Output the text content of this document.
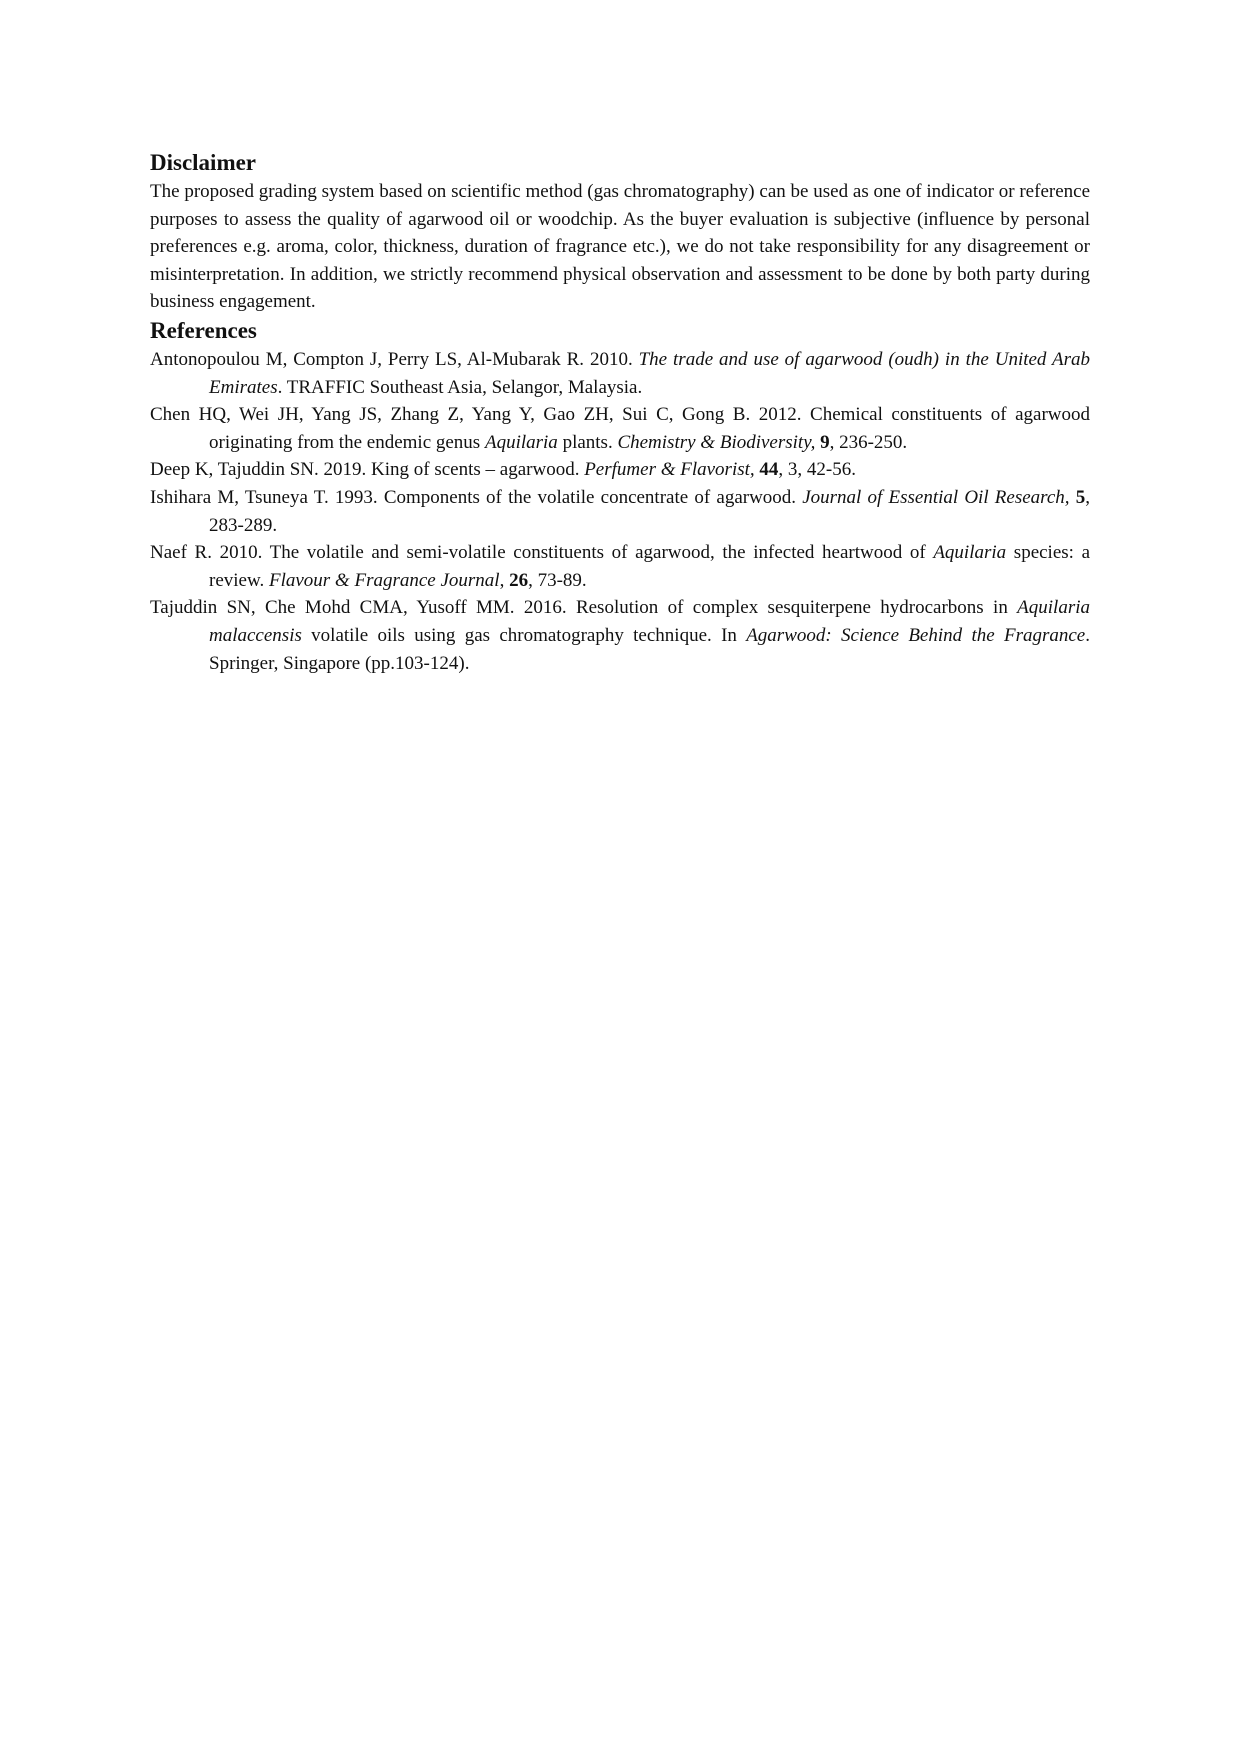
Disclaimer

The proposed grading system based on scientific method (gas chromatography) can be used as one of indicator or reference purposes to assess the quality of agarwood oil or woodchip. As the buyer evaluation is subjective (influence by personal preferences e.g. aroma, color, thickness, duration of fragrance etc.), we do not take responsibility for any disagreement or misinterpretation. In addition, we strictly recommend physical observation and assessment to be done by both party during business engagement.

References
Antonopoulou M, Compton J, Perry LS, Al-Mubarak R. 2010. The trade and use of agarwood (oudh) in the United Arab Emirates. TRAFFIC Southeast Asia, Selangor, Malaysia.
Chen HQ, Wei JH, Yang JS, Zhang Z, Yang Y, Gao ZH, Sui C, Gong B. 2012. Chemical constituents of agarwood originating from the endemic genus Aquilaria plants. Chemistry & Biodiversity, 9, 236-250.
Deep K, Tajuddin SN. 2019. King of scents – agarwood. Perfumer & Flavorist, 44, 3, 42-56.
Ishihara M, Tsuneya T. 1993. Components of the volatile concentrate of agarwood. Journal of Essential Oil Research, 5, 283-289.
Naef R. 2010. The volatile and semi-volatile constituents of agarwood, the infected heartwood of Aquilaria species: a review. Flavour & Fragrance Journal, 26, 73-89.
Tajuddin SN, Che Mohd CMA, Yusoff MM. 2016. Resolution of complex sesquiterpene hydrocarbons in Aquilaria malaccensis volatile oils using gas chromatography technique. In Agarwood: Science Behind the Fragrance. Springer, Singapore (pp.103-124).
